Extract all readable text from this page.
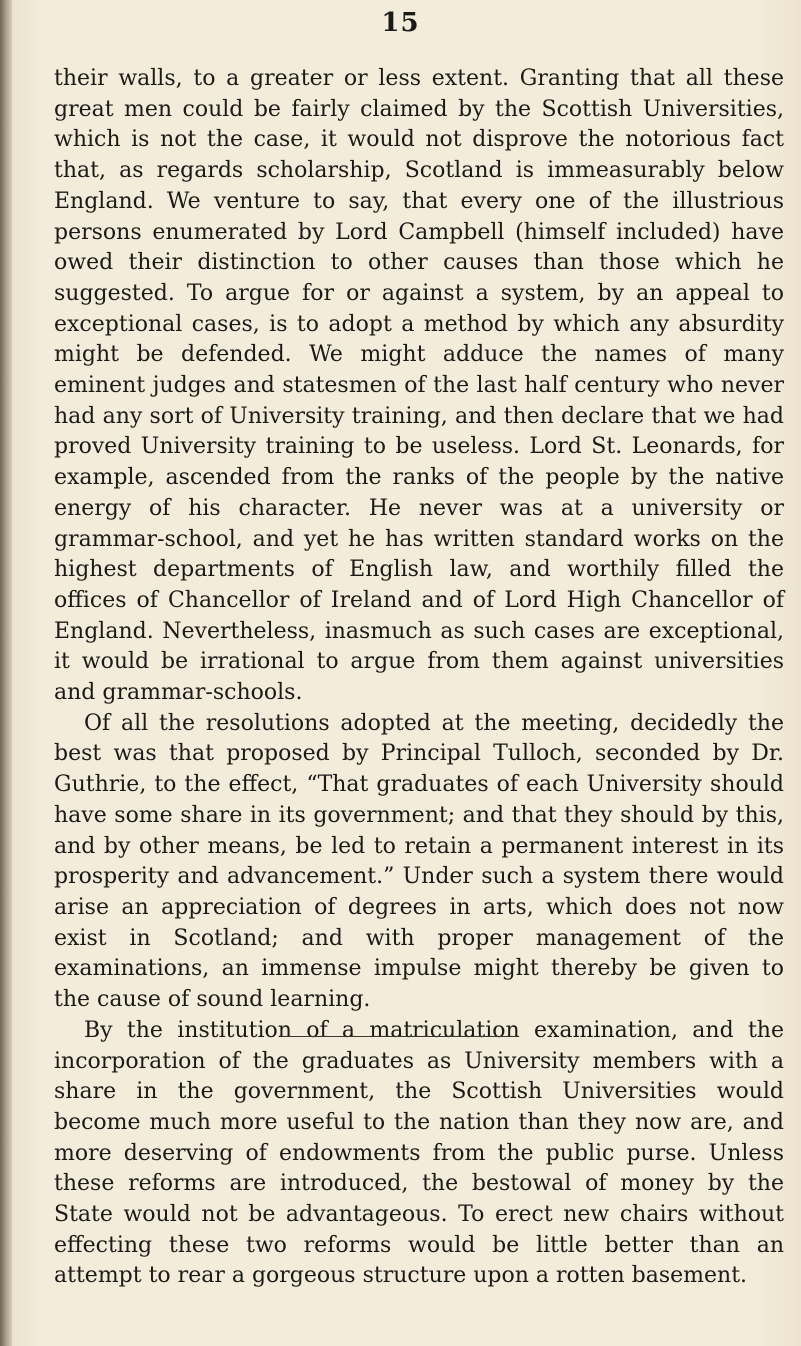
15

their walls, to a greater or less extent. Granting that all these great men could be fairly claimed by the Scottish Universities, which is not the case, it would not disprove the notorious fact that, as regards scholarship, Scotland is immeasurably below England. We venture to say, that every one of the illustrious persons enumerated by Lord Campbell (himself included) have owed their distinction to other causes than those which he suggested. To argue for or against a system, by an appeal to exceptional cases, is to adopt a method by which any absurdity might be defended. We might adduce the names of many eminent judges and statesmen of the last half century who never had any sort of University training, and then declare that we had proved University training to be useless. Lord St. Leonards, for example, ascended from the ranks of the people by the native energy of his character. He never was at a university or grammar-school, and yet he has written standard works on the highest departments of English law, and worthily filled the offices of Chancellor of Ireland and of Lord High Chancellor of England. Nevertheless, inasmuch as such cases are exceptional, it would be irrational to argue from them against universities and grammar-schools.

Of all the resolutions adopted at the meeting, decidedly the best was that proposed by Principal Tulloch, seconded by Dr. Guthrie, to the effect, “That graduates of each University should have some share in its government; and that they should by this, and by other means, be led to retain a permanent interest in its prosperity and advancement.” Under such a system there would arise an appreciation of degrees in arts, which does not now exist in Scotland; and with proper management of the examinations, an immense impulse might thereby be given to the cause of sound learning.

By the institution of a matriculation examination, and the incorporation of the graduates as University members with a share in the government, the Scottish Universities would become much more useful to the nation than they now are, and more deserving of endowments from the public purse. Unless these reforms are introduced, the bestowal of money by the State would not be advantageous. To erect new chairs without effecting these two reforms would be little better than an attempt to rear a gorgeous structure upon a rotten basement.
